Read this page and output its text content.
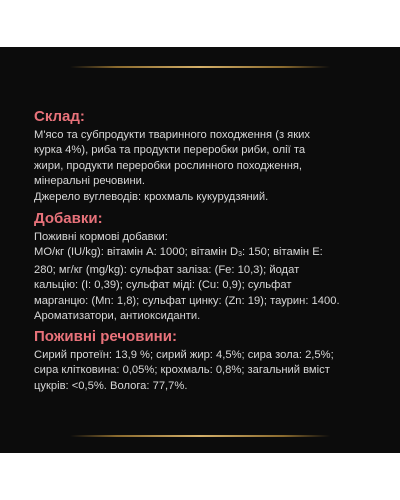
Склад:
М'ясо та субпродукти тваринного походження (з яких
курка 4%), риба та продукти переробки риби, олії та
жири, продукти переробки рослинного походження,
мінеральні речовини.
Джерело вуглеводів: крохмаль кукурудзяний.
Добавки:
Поживні кормові добавки:
МО/кг (IU/kg): вітамін А: 1000; вітамін $D_3$: 150; вітамін Е:
280; мг/кг (mg/kg): сульфат заліза: (Fe: 10,3); йодат
кальцію: (I: 0,39); сульфат міді: (Cu: 0,9); сульфат
марганцю: (Mn: 1,8); сульфат цинку: (Zn: 19); таурин: 1400.
Ароматизатори, антиоксиданти.
Поживні речовини:
Сирий протеїн: 13,9 %; сирий жир: 4,5%; сира зола: 2,5%;
сира клітковина: 0,05%; крохмаль: 0,8%; загальний вміст
цукрів: <0,5%. Волога: 77,7%.
